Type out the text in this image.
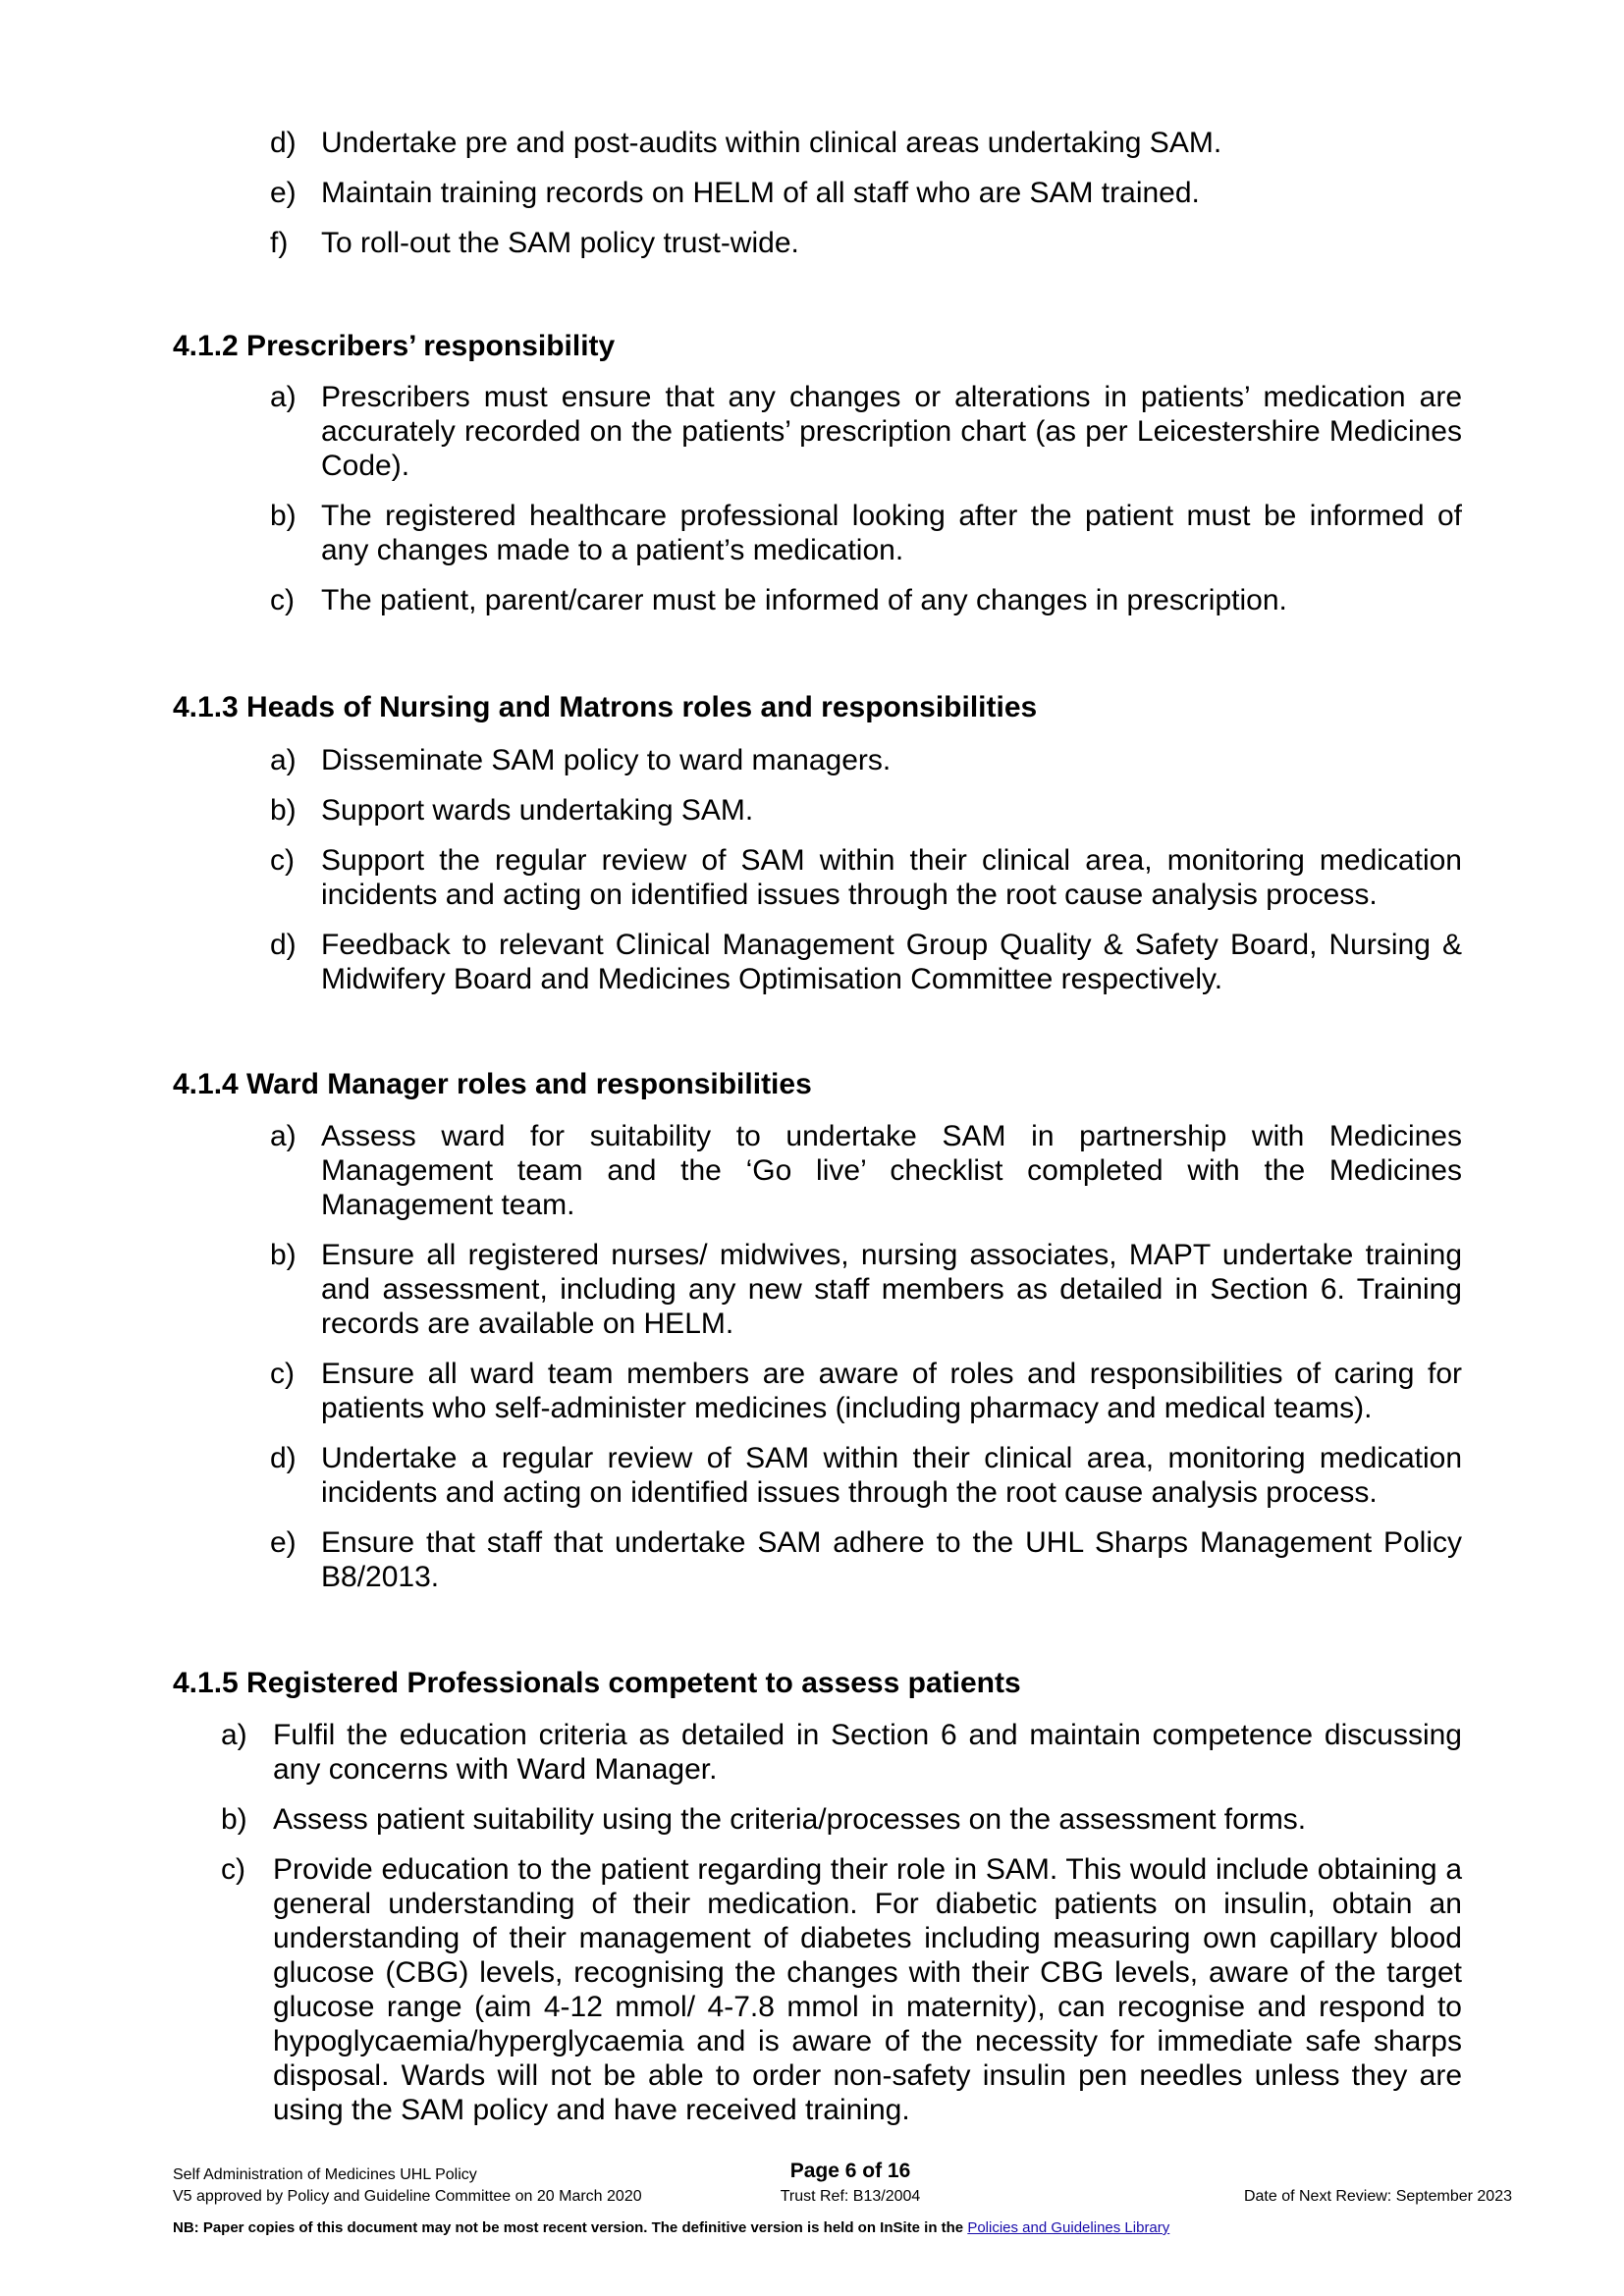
d) Undertake pre and post-audits within clinical areas undertaking SAM.
e) Maintain training records on HELM of all staff who are SAM trained.
f)	To roll-out the SAM policy trust-wide.
4.1.2 Prescribers’ responsibility
a) Prescribers must ensure that any changes or alterations in patients’ medication are accurately recorded on the patients’ prescription chart (as per Leicestershire Medicines Code).
b) The registered healthcare professional looking after the patient must be informed of any changes made to a patient’s medication.
c) The patient, parent/carer must be informed of any changes in prescription.
4.1.3 Heads of Nursing and Matrons roles and responsibilities
a) Disseminate SAM policy to ward managers.
b) Support wards undertaking SAM.
c) Support the regular review of SAM within their clinical area, monitoring medication incidents and acting on identified issues through the root cause analysis process.
d) Feedback to relevant Clinical Management Group Quality & Safety Board, Nursing & Midwifery Board and Medicines Optimisation Committee respectively.
4.1.4 Ward Manager roles and responsibilities
a) Assess ward for suitability to undertake SAM in partnership with Medicines Management team and the ‘Go live’ checklist completed with the Medicines Management team.
b) Ensure all registered nurses/ midwives, nursing associates, MAPT undertake training and assessment, including any new staff members as detailed in Section 6. Training records are available on HELM.
c) Ensure all ward team members are aware of roles and responsibilities of caring for patients who self-administer medicines (including pharmacy and medical teams).
d) Undertake a regular review of SAM within their clinical area, monitoring medication incidents and acting on identified issues through the root cause analysis process.
e) Ensure that staff that undertake SAM adhere to the UHL Sharps Management Policy B8/2013.
4.1.5 Registered Professionals competent to assess patients
a) Fulfil the education criteria as detailed in Section 6 and maintain competence discussing any concerns with Ward Manager.
b) Assess patient suitability using the criteria/processes on the assessment forms.
c) Provide education to the patient regarding their role in SAM. This would include obtaining a general understanding of their medication. For diabetic patients on insulin, obtain an understanding of their management of diabetes including measuring own capillary blood glucose (CBG) levels, recognising the changes with their CBG levels, aware of the target glucose range (aim 4-12 mmol/ 4-7.8 mmol in maternity), can recognise and respond to hypoglycaemia/hyperglycaemia and is aware of the necessity for immediate safe sharps disposal. Wards will not be able to order non-safety insulin pen needles unless they are using the SAM policy and have received training.
Self Administration of Medicines UHL Policy	Page 6 of 16
V5 approved by Policy and Guideline Committee on 20 March 2020	Trust Ref: B13/2004	Date of Next Review: September 2023
NB: Paper copies of this document may not be most recent version. The definitive version is held on InSite in the Policies and Guidelines Library
